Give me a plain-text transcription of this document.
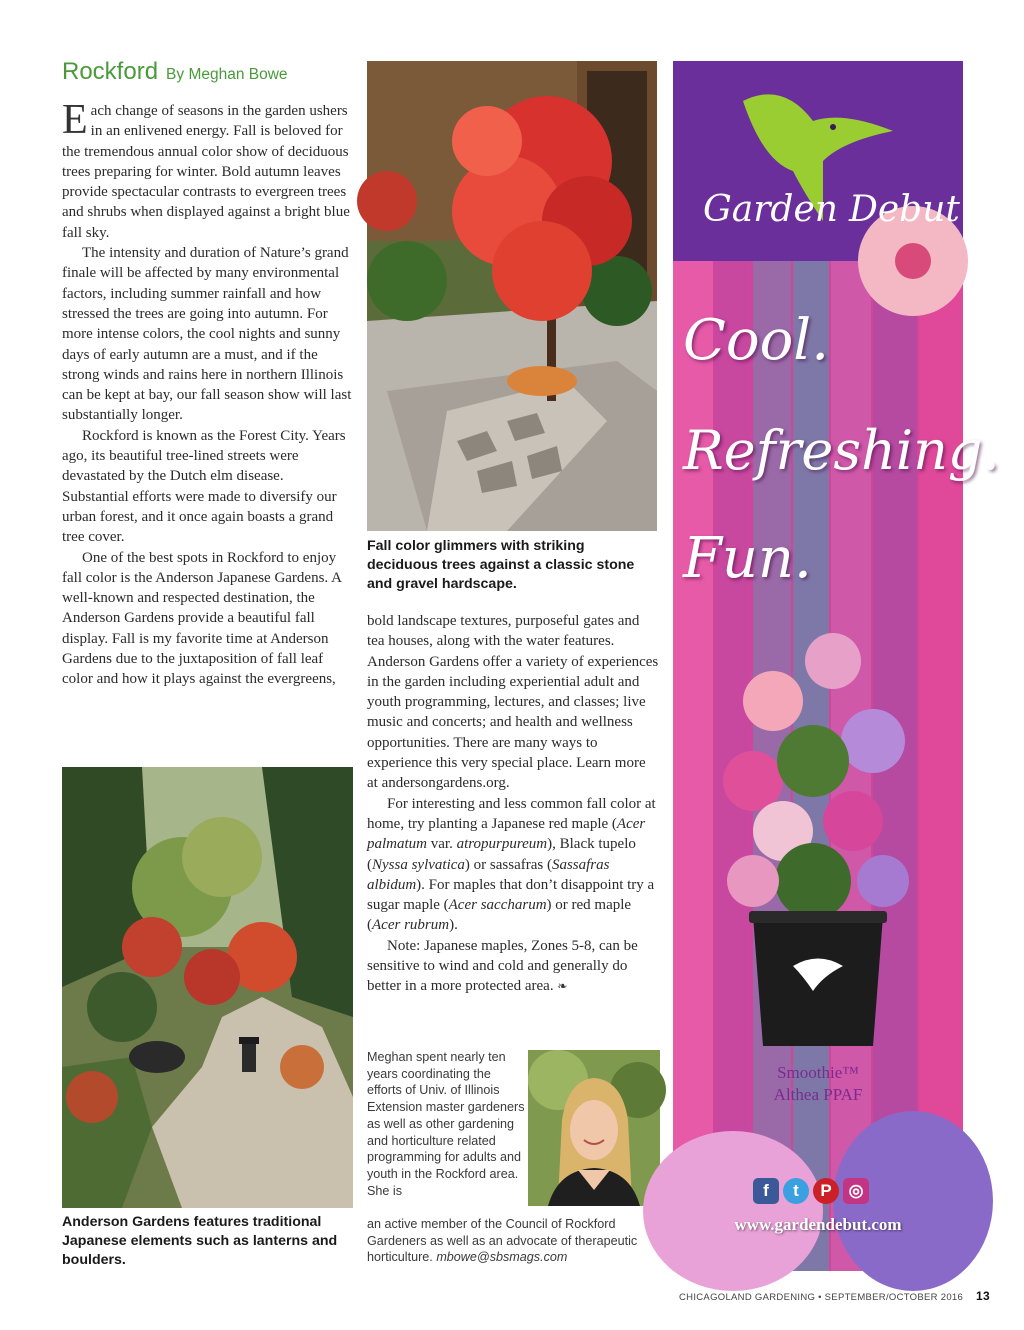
Rockford By Meghan Bowe

Each change of seasons in the garden ushers in an enlivened energy. Fall is beloved for the tremendous annual color show of deciduous trees preparing for winter. Bold autumn leaves provide spectacular contrasts to evergreen trees and shrubs when displayed against a bright blue fall sky.

The intensity and duration of Nature’s grand finale will be affected by many environmental factors, including summer rainfall and how stressed the trees are going into autumn. For more intense colors, the cool nights and sunny days of early autumn are a must, and if the strong winds and rains here in northern Illinois can be kept at bay, our fall season show will last substantially longer.

Rockford is known as the Forest City. Years ago, its beautiful tree-lined streets were devastated by the Dutch elm disease. Substantial efforts were made to diversify our urban forest, and it once again boasts a grand tree cover.

One of the best spots in Rockford to enjoy fall color is the Anderson Japanese Gardens. A well-known and respected destination, the Anderson Gardens provide a beautiful fall display. Fall is my favorite time at Anderson Gardens due to the juxtaposition of fall leaf color and how it plays against the evergreens,

Fall color glimmers with striking deciduous trees against a classic stone and gravel hardscape.
Anderson Gardens features traditional Japanese elements such as lanterns and boulders.

bold landscape textures, purposeful gates and tea houses, along with the water features. Anderson Gardens offer a variety of experiences in the garden including experiential adult and youth programming, lectures, and classes; live music and concerts; and health and wellness opportunities. There are many ways to experience this very special place. Learn more at andersongardens.org.

For interesting and less common fall color at home, try planting a Japanese red maple (Acer palmatum var. atropurpureum), Black tupelo (Nyssa sylvatica) or sassafras (Sassafras albidum). For maples that don’t disappoint try a sugar maple (Acer saccharum) or red maple (Acer rubrum).

Note: Japanese maples, Zones 5-8, can be sensitive to wind and cold and generally do better in a more protected area. ❧

Meghan spent nearly ten years coordinating the efforts of Univ. of Illinois Extension master gardeners as well as other gardening and horticulture related programming for adults and youth in the Rockford area. She is
an active member of the Council of Rockford Gardeners as well as an advocate of therapeutic horticulture. mbowe@sbsmags.com
Garden Debut.
Cool.
Refreshing.
Fun.
Smoothie™
Althea PPAF
f	t	P ◎
www.gardendebut.com
CHICAGOLAND GARDENING • SEPTEMBER/OCTOBER 2016 13
